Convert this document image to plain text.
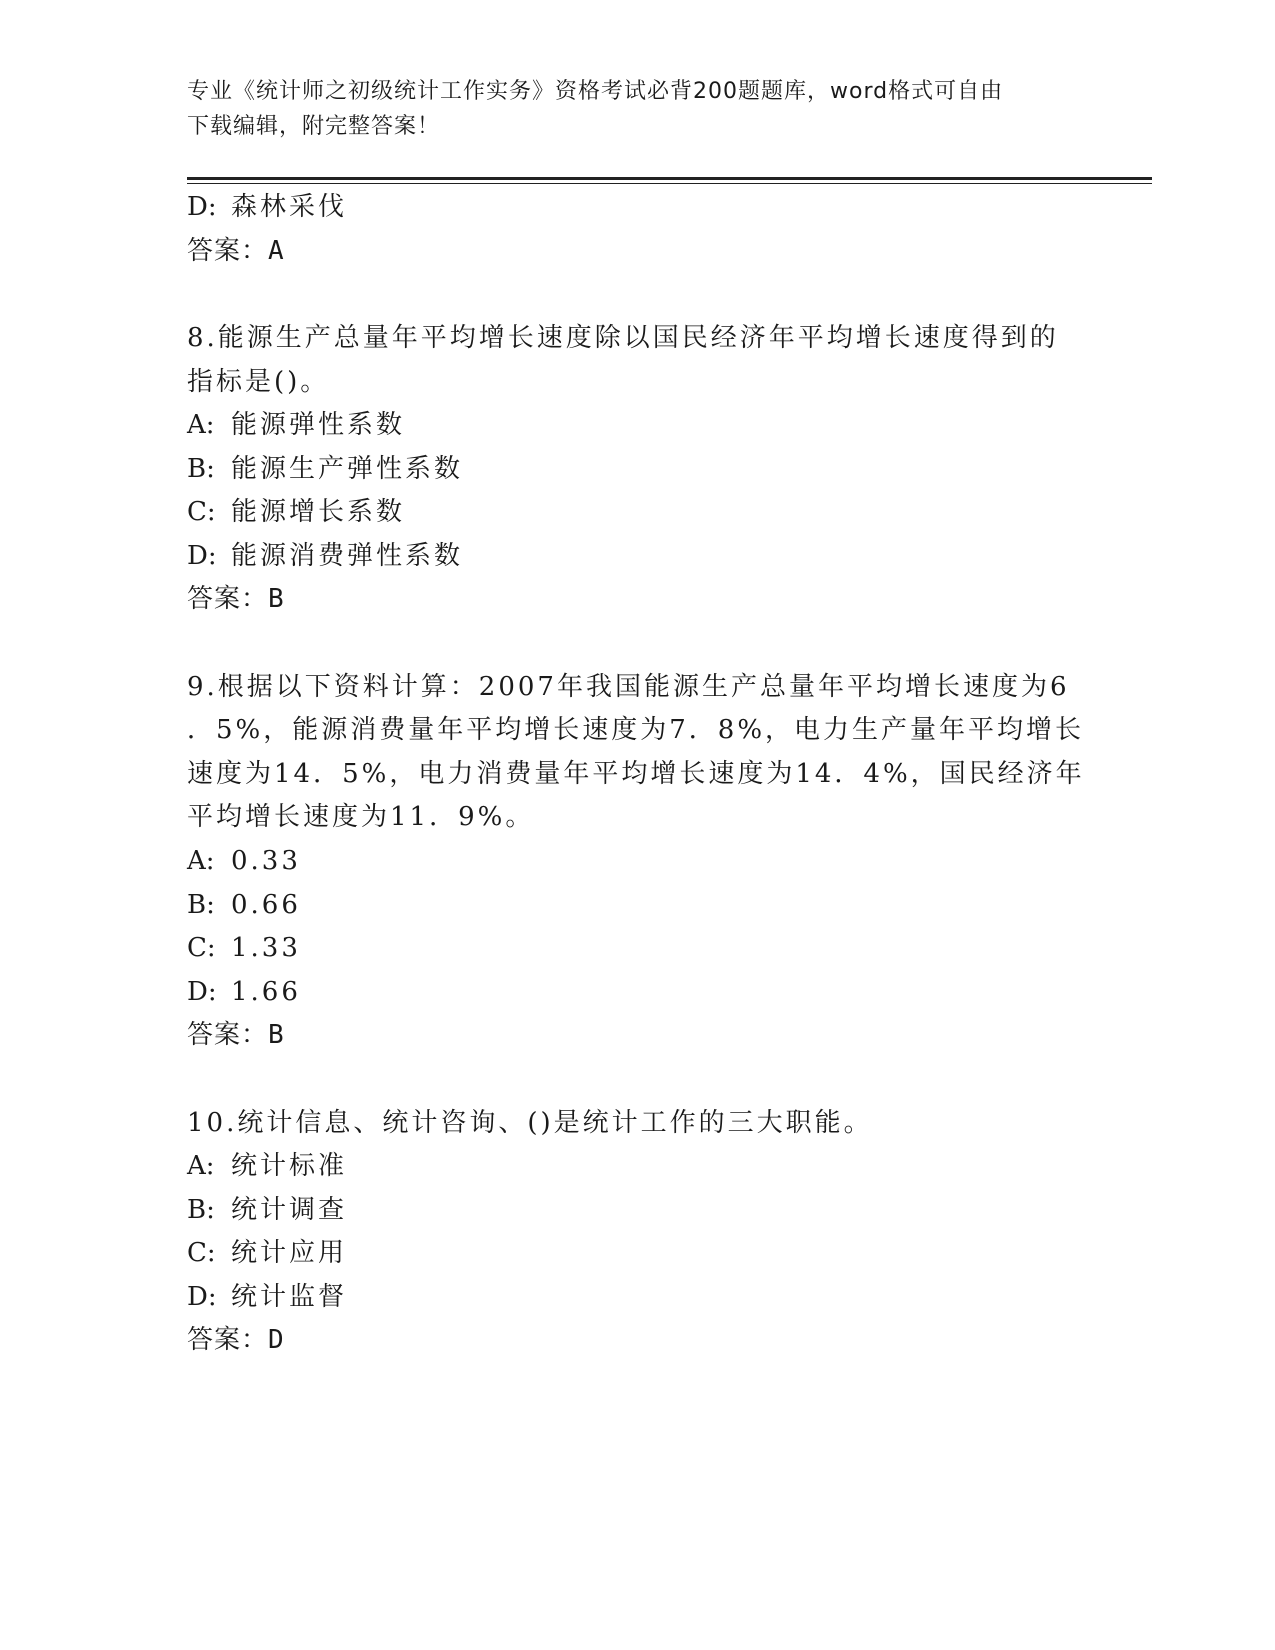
专业《统计师之初级统计工作实务》资格考试必背200题题库，word格式可自由
下载编辑，附完整答案！
D: 森林采伐
答案：A
8.能源生产总量年平均增长速度除以国民经济年平均增长速度得到的
指标是()。
A: 能源弹性系数
B: 能源生产弹性系数
C: 能源增长系数
D: 能源消费弹性系数
答案：B
9.根据以下资料计算：2007年我国能源生产总量年平均增长速度为6
．5%，能源消费量年平均增长速度为7．8%，电力生产量年平均增长
速度为14．5%，电力消费量年平均增长速度为14．4%，国民经济年
平均增长速度为11．9%。
A: 0.33
B: 0.66
C: 1.33
D: 1.66
答案：B
10.统计信息、统计咨询、()是统计工作的三大职能。
A: 统计标准
B: 统计调查
C: 统计应用
D: 统计监督
答案：D
